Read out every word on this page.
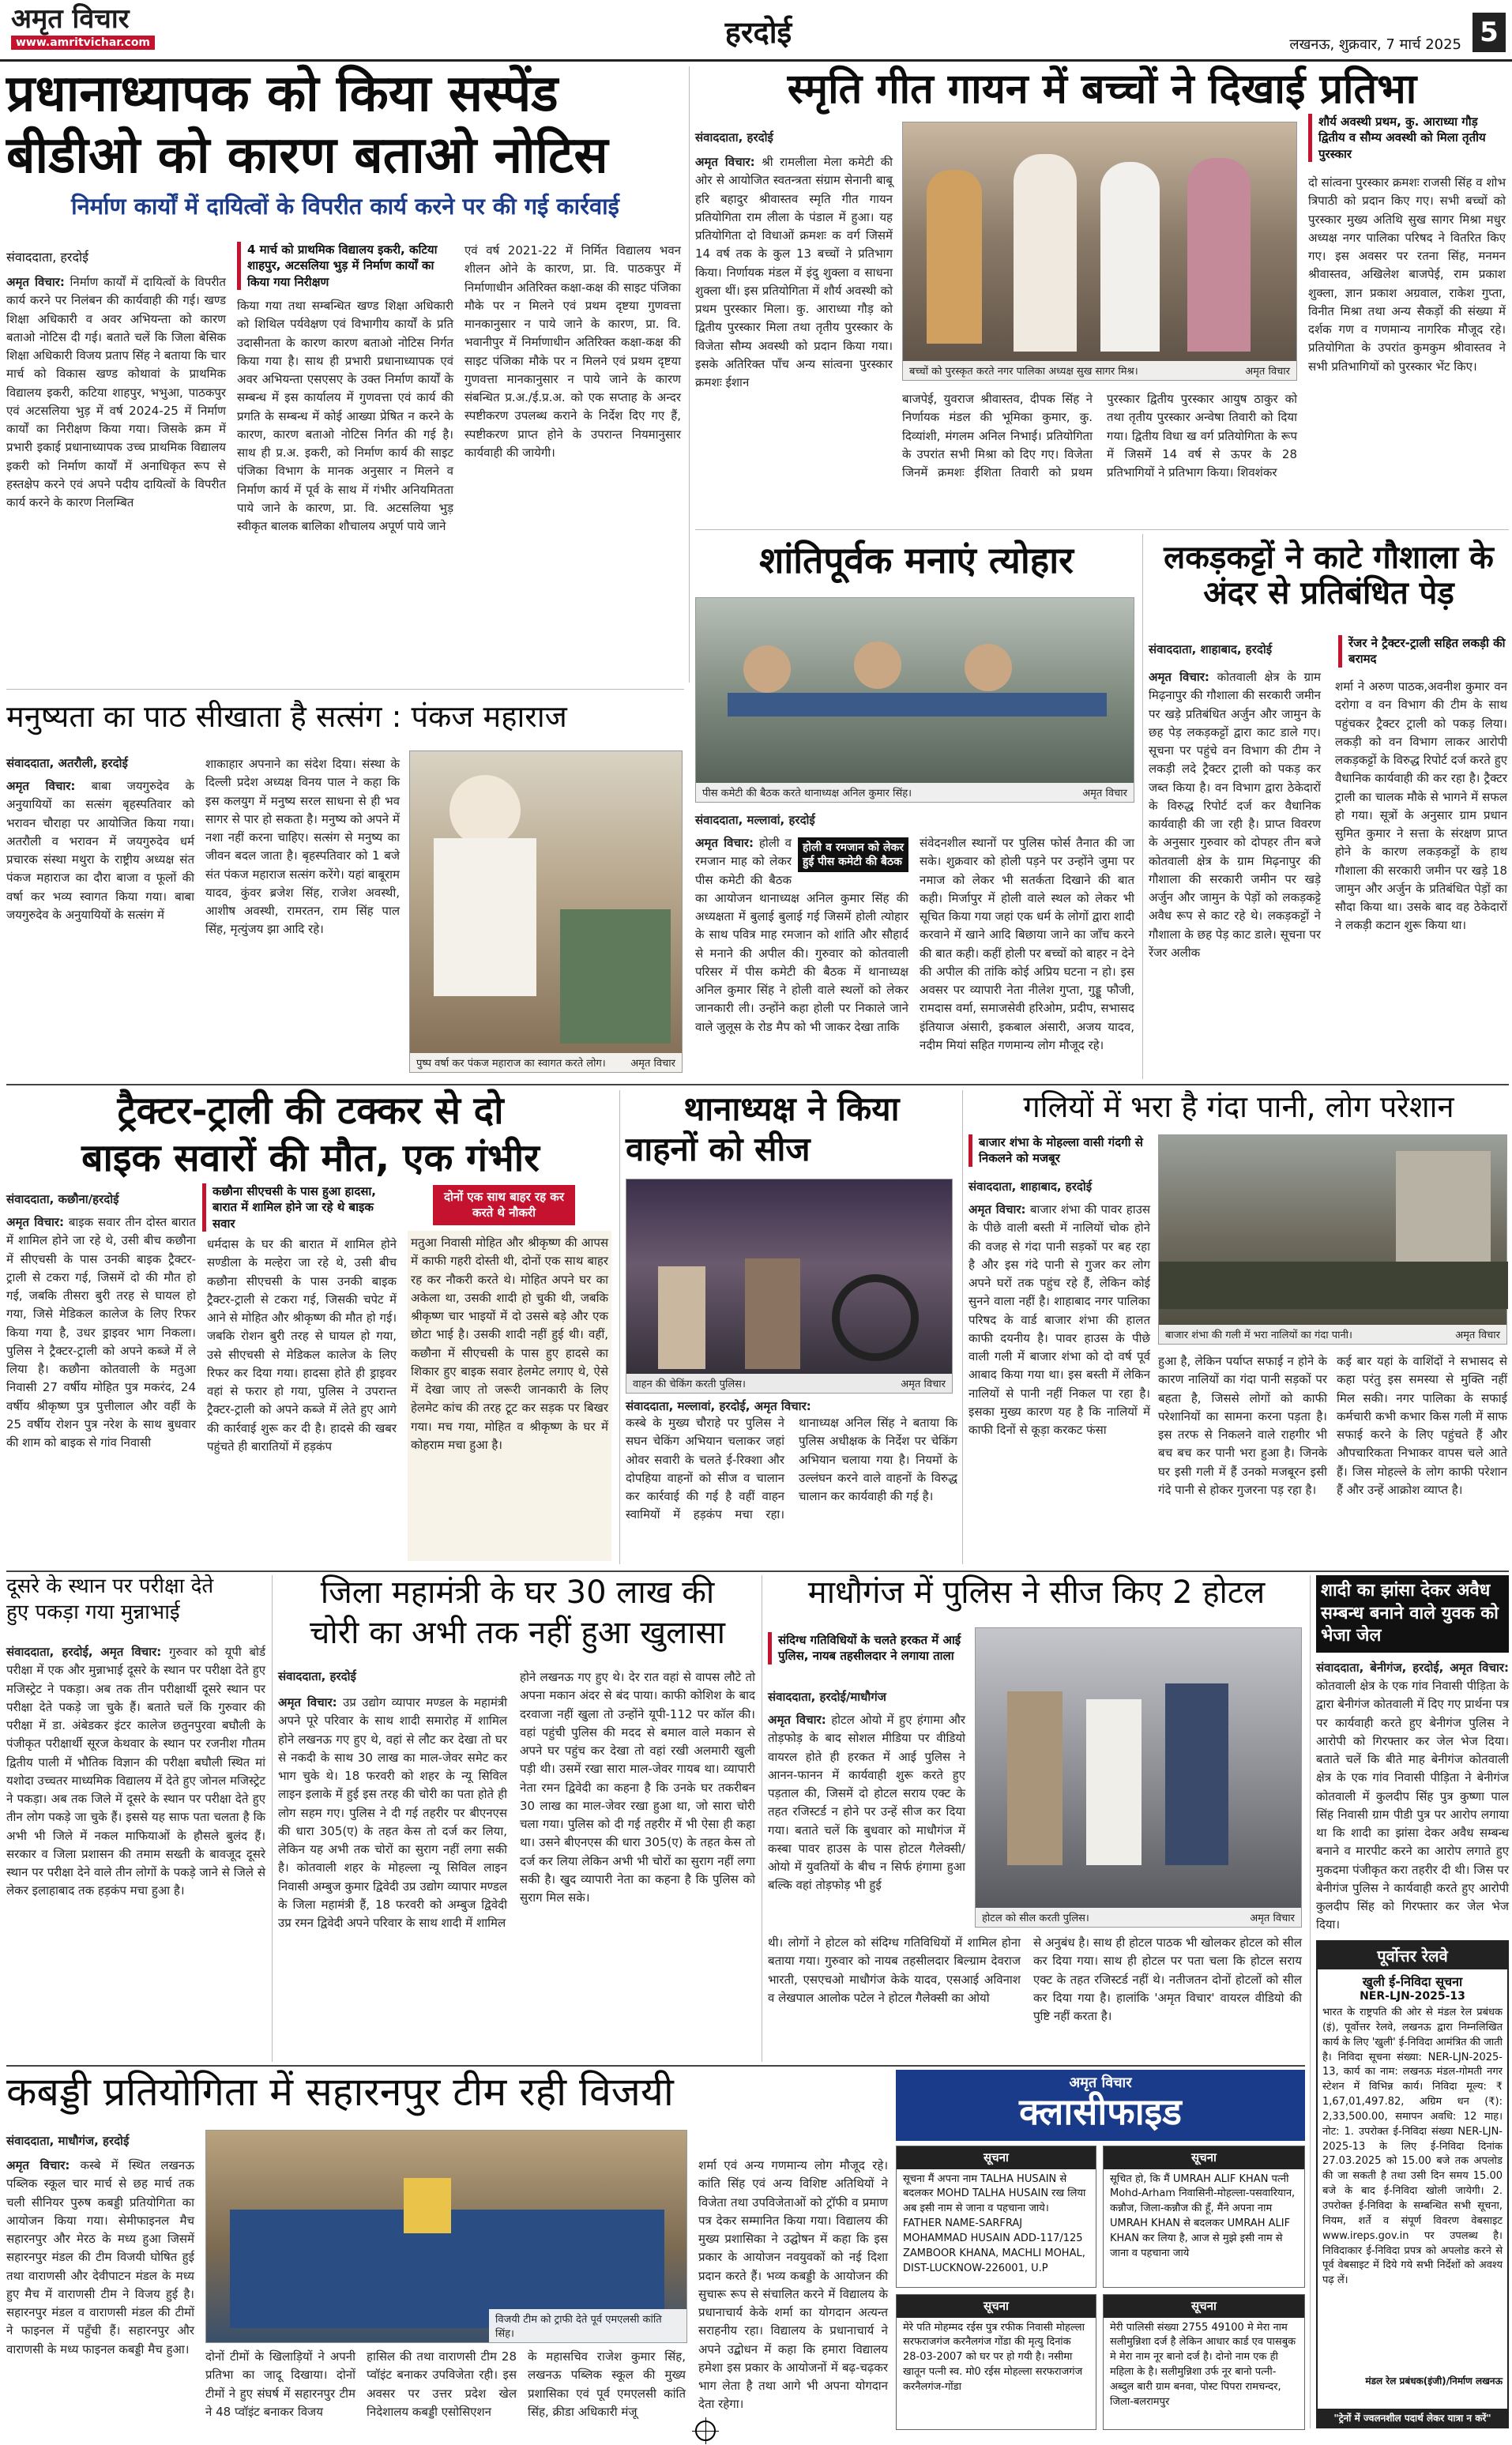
अमृत विचार
www.amritvichar.com	हरदोई	लखनऊ, शुक्रवार, 7 मार्च 2025 5
प्रधानाध्यापक को किया सस्पेंड
बीडीओ को कारण बताओ नोटिस
निर्माण कार्यों में दायित्वों के विपरीत कार्य करने पर की गई कार्रवाई
संवाददाता, हरदोई
अमृत विचार: निर्माण कार्यों में दायित्वों के विपरीत कार्य करने पर निलंबन की कार्यवाही की गई। खण्ड शिक्षा अधिकारी व अवर अभियन्ता को कारण बताओ नोटिस दी गई। बताते चलें कि जिला बेसिक शिक्षा अधिकारी विजय प्रताप सिंह ने बताया कि चार मार्च को विकास खण्ड कोथावां के प्राथमिक विद्यालय इकरी, कटिया शाहपुर, भभुआ, पाठकपुर एवं अटसलिया भुड़ में वर्ष 2024-25 में निर्माण कार्यों का निरीक्षण किया गया। जिसके क्रम में प्रभारी इकाई प्रधानाध्यापक उच्च प्राथमिक विद्यालय इकरी को निर्माण कार्यों में अनाधिकृत रूप से हस्तक्षेप करने एवं अपने पदीय दायित्वों के विपरीत कार्य करने के कारण निलम्बित
4 मार्च को प्राथमिक विद्यालय इकरी, कटिया शाहपुर, अटसलिया भुड़ में निर्माण कार्यों का किया गया निरीक्षण
किया गया तथा सम्बन्धित खण्ड शिक्षा अधिकारी को शिथिल पर्यवेक्षण एवं विभागीय कार्यों के प्रति उदासीनता के कारण कारण बताओ नोटिस निर्गत किया गया है। साथ ही प्रभारी प्रधानाध्यापक एवं अवर अभियन्ता एसएसए के उक्त निर्माण कार्यों के सम्बन्ध में इस कार्यालय में गुणवत्ता एवं कार्य की प्रगति के सम्बन्ध में कोई आख्या प्रेषित न करने के कारण, कारण बताओ नोटिस निर्गत की गई है। साथ ही प्र.अ. इकरी, को निर्माण कार्य की साइट पंजिका विभाग के मानक अनुसार न मिलने व निर्माण कार्य में पूर्व के साथ में गंभीर अनियमितता पाये जाने के कारण, प्रा. वि. अटसलिया भुड़ स्वीकृत बालक बालिका शौचालय अपूर्ण पाये जाने
एवं वर्ष 2021-22 में निर्मित विद्यालय भवन शीलन ओने के कारण, प्रा. वि. पाठकपुर में निर्माणाधीन अतिरिक्त कक्षा-कक्ष की साइट पंजिका मौके पर न मिलने एवं प्रथम दृष्टया गुणवत्ता मानकानुसार न पाये जाने के कारण, प्रा. वि. भवानीपुर में निर्माणाधीन अतिरिक्त कक्षा-कक्ष की साइट पंजिका मौके पर न मिलने एवं प्रथम दृष्टया गुणवत्ता मानकानुसार न पाये जाने के कारण संबन्धित प्र.अ./ई.प्र.अ. को एक सप्ताह के अन्दर स्पष्टीकरण उपलब्ध कराने के निर्देश दिए गए हैं, स्पष्टीकरण प्राप्त होने के उपरान्त नियमानुसार कार्यवाही की जायेगी।
स्मृति गीत गायन में बच्चों ने दिखाई प्रतिभा
संवाददाता, हरदोई
अमृत विचार: श्री रामलीला मेला कमेटी की ओर से आयोजित स्वतन्त्रता संग्राम सेनानी बाबू हरि बहादुर श्रीवास्तव स्मृति गीत गायन प्रतियोगिता राम लीला के पंडाल में हुआ। यह प्रतियोगिता दो विधाओं क्रमशः क वर्ग जिसमें 14 वर्ष तक के कुल 13 बच्चों ने प्रतिभाग किया। निर्णायक मंडल में इंदु शुक्ला व साधना शुक्ला थीं। इस प्रतियोगिता में शौर्य अवस्थी को प्रथम पुरस्कार मिला। कु. आराध्या गौड़ को द्वितीय पुरस्कार मिला तथा तृतीय पुरस्कार के विजेता सौम्य अवस्थी को प्रदान किया गया। इसके अतिरिक्त पाँच अन्य सांत्वना पुरस्कार क्रमशः ईशान
बच्चों को पुरस्कृत करते नगर पालिका अध्यक्ष सुख सागर मिश्र।	अमृत विचार
बाजपेई, युवराज श्रीवास्तव, दीपक सिंह ने निर्णायक मंडल की भूमिका कुमार, कु. दिव्यांशी, मंगलम अनिल निभाई। प्रतियोगिता के उपरांत सभी मिश्रा को दिए गए। विजेता जिनमें क्रमशः ईशिता तिवारी को प्रथम पुरस्कार द्वितीय पुरस्कार आयुष ठाकुर को तथा तृतीय पुरस्कार अन्वेषा तिवारी को दिया गया। द्वितीय विधा ख वर्ग प्रतियोगिता के रूप में जिसमें 14 वर्ष से ऊपर के 28 प्रतिभागियों ने प्रतिभाग किया। शिवशंकर
शौर्य अवस्थी प्रथम, कु. आराध्या गौड़ द्वितीय व सौम्य अवस्थी को मिला तृतीय पुरस्कार
दो सांत्वना पुरस्कार क्रमशः राजसी सिंह व शोभ त्रिपाठी को प्रदान किए गए। सभी बच्चों को पुरस्कार मुख्य अतिथि सुख सागर मिश्रा मधुर अध्यक्ष नगर पालिका परिषद ने वितरित किए गए। इस अवसर पर रतना सिंह, मनमन श्रीवास्तव, अखिलेश बाजपेई, राम प्रकाश शुक्ला, ज्ञान प्रकाश अग्रवाल, राकेश गुप्ता, विनीत मिश्रा तथा अन्य सैकड़ों की संख्या में दर्शक गण व गणमान्य नागरिक मौजूद रहे। प्रतियोगिता के उपरांत कुमकुम श्रीवास्तव ने सभी प्रतिभागियों को पुरस्कार भेंट किए।
शांतिपूर्वक मनाएं त्योहार
पीस कमेटी की बैठक करते थानाध्यक्ष अनिल कुमार सिंह।	अमृत विचार
संवाददाता, मल्लावां, हरदोई
होली व रमजान को लेकर हुई पीस कमेटी की बैठक
अमृत विचार: होली व रमजान माह को लेकर पीस कमेटी की बैठक का आयोजन थानाध्यक्ष अनिल कुमार सिंह की अध्यक्षता में बुलाई बुलाई गई जिसमें होली त्योहार के साथ पवित्र माह रमजान को शांति और सौहार्द से मनाने की अपील की। गुरुवार को कोतवाली परिसर में पीस कमेटी की बैठक में थानाध्यक्ष अनिल कुमार सिंह ने होली वाले स्थलों को लेकर जानकारी ली। उन्होंने कहा होली पर निकाले जाने वाले जुलूस के रोड मैप को भी जाकर देखा ताकि
संवेदनशील स्थानों पर पुलिस फोर्स तैनात की जा सके। शुक्रवार को होली पड़ने पर उन्होंने जुमा पर नमाज को लेकर भी सतर्कता दिखाने की बात कही। मिर्जापुर में होली वाले स्थल को लेकर भी सूचित किया गया जहां एक धर्म के लोगों द्वारा शादी करवाने में खाने आदि बिछाया जाने का जाँच करने की बात कही। कहीं होली पर बच्चों को बाहर न देने की अपील की तांकि कोई अप्रिय घटना न हो। इस अवसर पर व्यापारी नेता नीलेश गुप्ता, गुड्डू फौजी, रामदास वर्मा, समाजसेवी हरिओम, प्रदीप, सभासद इंतियाज अंसारी, इकबाल अंसारी, अजय यादव, नदीम मियां सहित गणमान्य लोग मौजूद रहे।
लकड़कट्टों ने काटे गौशाला के अंदर से प्रतिबंधित पेड़
संवाददाता, शाहाबाद, हरदोई	रेंजर ने ट्रैक्टर-ट्राली सहित लकड़ी की बरामद
अमृत विचार: कोतवाली क्षेत्र के ग्राम मिढ़नापुर की गौशाला की सरकारी जमीन पर खड़े प्रतिबंधित अर्जुन और जामुन के छह पेड़ लकड़कट्टों द्वारा काट डाले गए। सूचना पर पहुंचे वन विभाग की टीम ने लकड़ी लदे ट्रैक्टर ट्राली को पकड़ कर जब्त किया है। वन विभाग द्वारा ठेकेदारों के विरुद्ध रिपोर्ट दर्ज कर वैधानिक कार्यवाही की जा रही है। प्राप्त विवरण के अनुसार गुरुवार को दोपहर तीन बजे कोतवाली क्षेत्र के ग्राम मिढ़नापुर की गौशाला की सरकारी जमीन पर खड़े अर्जुन और जामुन के पेड़ों को लकड़कट्टे अवैध रूप से काट रहे थे। लकड़कट्टों ने गौशाला के छह पेड़ काट डाले। सूचना पर रेंजर अलीक
शर्मा ने अरुण पाठक,अवनीश कुमार वन दरोगा व वन विभाग की टीम के साथ पहुंचकर ट्रैक्टर ट्राली को पकड़ लिया। लकड़ी को वन विभाग लाकर आरोपी लकड़कट्टों के विरुद्ध रिपोर्ट दर्ज करते हुए वैधानिक कार्यवाही की कर रहा है। ट्रैक्टर ट्राली का चालक मौके से भागने में सफल हो गया। सूत्रों के अनुसार ग्राम प्रधान सुमित कुमार ने सत्ता के संरक्षण प्राप्त होने के कारण लकड़कट्टों के हाथ गौशाला की सरकारी जमीन पर खड़े 18 जामुन और अर्जुन के प्रतिबंधित पेड़ों का सौदा किया था। उसके बाद वह ठेकेदारों ने लकड़ी कटान शुरू किया था।
मनुष्यता का पाठ सीखाता है सत्संग : पंकज महाराज
संवाददाता, अतरौली, हरदोई
अमृत विचार: बाबा जयगुरुदेव के अनुयायियों का सत्संग बृहस्पतिवार को भरावन चौराहा पर आयोजित किया गया। अतरौली व भरावन में जयगुरुदेव धर्म प्रचारक संस्था मथुरा के राष्ट्रीय अध्यक्ष संत पंकज महाराज का दौरा बाजा व फूलों की वर्षा कर भव्य स्वागत किया गया। बाबा जयगुरुदेव के अनुयायियों के सत्संग में
शाकाहार अपनाने का संदेश दिया। संस्था के दिल्ली प्रदेश अध्यक्ष विनय पाल ने कहा कि इस कलयुग में मनुष्य सरल साधना से ही भव सागर से पार हो सकता है। मनुष्य को अपने में नशा नहीं करना चाहिए। सत्संग से मनुष्य का जीवन बदल जाता है। बृहस्पतिवार को 1 बजे संत पंकज महाराज सत्संग करेंगे। यहां बाबूराम यादव, कुंवर ब्रजेश सिंह, राजेश अवस्थी, आशीष अवस्थी, रामरतन, राम सिंह पाल सिंह, मृत्युंजय झा आदि रहे।
पुष्प वर्षा कर पंकज महाराज का स्वागत करते लोग। अमृत विचार
ट्रैक्टर-ट्राली की टक्कर से दो
बाइक सवारों की मौत, एक गंभीर
संवाददाता, कछौना/हरदोई
कछौना सीएचसी के पास हुआ हादसा, बारात में शामिल होने जा रहे थे बाइक सवार
दोनों एक साथ बाहर रह कर करते थे नौकरी
अमृत विचार: बाइक सवार तीन दोस्त बारात में शामिल होने जा रहे थे, उसी बीच कछौना में सीएचसी के पास उनकी बाइक ट्रैक्टर-ट्राली से टकरा गई, जिसमें दो की मौत हो गई, जबकि तीसरा बुरी तरह से घायल हो गया, जिसे मेडिकल कालेज के लिए रिफर किया गया है, उधर ड्राइवर भाग निकला। पुलिस ने ट्रैक्टर-ट्राली को अपने कब्जे में ले लिया है। कछौना कोतवाली के मतुआ निवासी 27 वर्षीय मोहित पुत्र मकरंद, 24 वर्षीय श्रीकृष्ण पुत्र पुत्तीलाल और वहीं के 25 वर्षीय रोशन पुत्र नरेश के साथ बुधवार की शाम को बाइक से गांव निवासी
धर्मदास के घर की बारात में शामिल होने सण्डीला के मल्हेरा जा रहे थे, उसी बीच कछौना सीएचसी के पास उनकी बाइक ट्रैक्टर-ट्राली से टकरा गई, जिसकी चपेट में आने से मोहित और श्रीकृष्ण की मौत हो गई। जबकि रोशन बुरी तरह से घायल हो गया, उसे सीएचसी से मेडिकल कालेज के लिए रिफर कर दिया गया। हादसा होते ही ड्राइवर वहां से फरार हो गया, पुलिस ने उपरान्त ट्रैक्टर-ट्राली को अपने कब्जे में लेते हुए आगे की कार्रवाई शुरू कर दी है। हादसे की खबर पहुंचते ही बारातियों में हड़कंप
मतुआ निवासी मोहित और श्रीकृष्ण की आपस में काफी गहरी दोस्ती थी, दोनों एक साथ बाहर रह कर नौकरी करते थे। मोहित अपने घर का अकेला था, उसकी शादी हो चुकी थी, जबकि श्रीकृष्ण चार भाइयों में दो उससे बड़े और एक छोटा भाई है। उसकी शादी नहीं हुई थी। वहीं, कछौना में सीएचसी के पास हुए हादसे का शिकार हुए बाइक सवार हेलमेट लगाए थे, ऐसे में देखा जाए तो जरूरी जानकारी के लिए हेलमेट कांच की तरह टूट कर सड़क पर बिखर गया। मच गया, मोहित व श्रीकृष्ण के घर में कोहराम मचा हुआ है।
थानाध्यक्ष ने किया
वाहनों को सीज
वाहन की चेकिंग करती पुलिस।	अमृत विचार
संवाददाता, मल्लावां, हरदोई, अमृत विचार:
कस्बे के मुख्य चौराहे पर पुलिस ने सघन चेकिंग अभियान चलाकर जहां ओवर सवारी के चलते ई-रिक्शा और दोपहिया वाहनों को सीज व चालान कर कार्रवाई की गई है वहीं वाहन स्वामियों में हड़कंप मचा रहा। थानाध्यक्ष अनिल सिंह ने बताया कि पुलिस अधीक्षक के निर्देश पर चेकिंग अभियान चलाया गया है। नियमों के उल्लंघन करने वाले वाहनों के विरुद्ध चालान कर कार्यवाही की गई है।
गलियों में भरा है गंदा पानी, लोग परेशान
बाजार शंभा के मोहल्ला वासी गंदगी से निकलने को मजबूर
संवाददाता, शाहाबाद, हरदोई
बाजार शंभा की गली में भरा नालियों का गंदा पानी।	अमृत विचार
अमृत विचार: बाजार शंभा की पावर हाउस के पीछे वाली बस्ती में नालियों चोक होने की वजह से गंदा पानी सड़कों पर बह रहा है और इस गंदे पानी से गुजर कर लोग अपने घरों तक पहुंच रहे हैं, लेकिन कोई सुनने वाला नहीं है। शाहाबाद नगर पालिका परिषद के वार्ड बाजार शंभा की हालत काफी दयनीय है। पावर हाउस के पीछे वाली गली में बाजार शंभा को दो वर्ष पूर्व आबाद किया गया था। इस बस्ती में लेकिन नालियों से पानी नहीं निकल पा रहा है। इसका मुख्य कारण यह है कि नालियों में काफी दिनों से कूड़ा करकट फंसा
हुआ है, लेकिन पर्याप्त सफाई न होने के कारण नालियों का गंदा पानी सड़कों पर बहता है, जिससे लोगों को काफी परेशानियों का सामना करना पड़ता है। इस तरफ से निकलने वाले राहगीर भी बच बच कर पानी भरा हुआ है। जिनके घर इसी गली में हैं उनको मजबूरन इसी गंदे पानी से होकर गुजरना पड़ रहा है।
कई बार यहां के वाशिंदों ने सभासद से कहा परंतु इस समस्या से मुक्ति नहीं मिल सकी। नगर पालिका के सफाई कर्मचारी कभी कभार किस गली में साफ सफाई करने के लिए पहुंचते हैं और औपचारिकता निभाकर वापस चले आते हैं। जिस मोहल्ले के लोग काफी परेशान हैं और उन्हें आक्रोश व्याप्त है।
दूसरे के स्थान पर परीक्षा देते
हुए पकड़ा गया मुन्नाभाई
संवाददाता, हरदोई, अमृत विचार: गुरुवार को यूपी बोर्ड परीक्षा में एक और मुन्नाभाई दूसरे के स्थान पर परीक्षा देते हुए मजिस्ट्रेट ने पकड़ा। अब तक तीन परीक्षार्थी दूसरे स्थान पर परीक्षा देते पकड़े जा चुके हैं। बताते चलें कि गुरुवार की परीक्षा में डा. अंबेडकर इंटर कालेज छतुनपुरवा बघौली के पंजीकृत परीक्षार्थी सूरज केथवार के स्थान पर रजनीश गौतम द्वितीय पाली में भौतिक विज्ञान की परीक्षा बघौली स्थित मां यशोदा उच्चतर माध्यमिक विद्यालय में देते हुए जोनल मजिस्ट्रेट ने पकड़ा। अब तक जिले में दूसरे के स्थान पर परीक्षा देते हुए तीन लोग पकड़े जा चुके हैं। इससे यह साफ पता चलता है कि अभी भी जिले में नकल माफियाओं के हौसले बुलंद हैं। सरकार व जिला प्रशासन की तमाम सख्ती के बावजूद दूसरे स्थान पर परीक्षा देने वाले तीन लोगों के पकड़े जाने से जिले से लेकर इलाहाबाद तक हड़कंप मचा हुआ है।
जिला महामंत्री के घर 30 लाख की
चोरी का अभी तक नहीं हुआ खुलासा
संवाददाता, हरदोई
अमृत विचार: उप्र उद्योग व्यापार मण्डल के महामंत्री अपने पूरे परिवार के साथ शादी समारोह में शामिल होने लखनऊ गए हुए थे, वहां से लौट कर देखा तो घर से नकदी के साथ 30 लाख का माल-जेवर समेट कर भाग चुके थे। 18 फरवरी को शहर के न्यू सिविल लाइन इलाके में हुई इस तरह की चोरी का पता होते ही लोग सहम गए। पुलिस ने दी गई तहरीर पर बीएनएस की धारा 305(ए) के तहत केस तो दर्ज कर लिया, लेकिन यह अभी तक चोरों का सुराग नहीं लगा सकी है। कोतवाली शहर के मोहल्ला न्यू सिविल लाइन निवासी अम्बुज कुमार द्विवेदी उप्र उद्योग व्यापार मण्डल के जिला महामंत्री हैं, 18 फरवरी को अम्बुज द्विवेदी उप्र रमन द्विवेदी अपने परिवार के साथ शादी में शामिल
होने लखनऊ गए हुए थे। देर रात वहां से वापस लौटे तो अपना मकान अंदर से बंद पाया। काफी कोशिश के बाद दरवाजा नहीं खुला तो उन्होंने यूपी-112 पर कॉल की। वहां पहुंची पुलिस की मदद से बमाल वाले मकान से अपने घर पहुंच कर देखा तो वहां रखी अलमारी खुली पड़ी थी। उसमें रखा सारा माल-जेवर गायब था। व्यापारी नेता रमन द्विवेदी का कहना है कि उनके घर तकरीबन 30 लाख का माल-जेवर रखा हुआ था, जो सारा चोरी चला गया। पुलिस को दी गई तहरीर में भी ऐसा ही कहा था। उसने बीएनएस की धारा 305(ए) के तहत केस तो दर्ज कर लिया लेकिन अभी भी चोरों का सुराग नहीं लगा सकी है। खुद व्यापारी नेता का कहना है कि पुलिस को सुराग मिल सके।
माधौगंज में पुलिस ने सीज किए 2 होटल
संदिग्ध गतिविधियों के चलते हरकत में आई पुलिस, नायब तहसीलदार ने लगाया ताला
संवाददाता, हरदोई/माधौगंज
अमृत विचार: होटल ओयो में हुए हंगामा और तोड़फोड़ के बाद सोशल मीडिया पर वीडियो वायरल होते ही हरकत में आई पुलिस ने आनन-फानन में कार्यवाही शुरू करते हुए पड़ताल की, जिसमें दो होटल सराय एक्ट के तहत रजिस्टर्ड न होने पर उन्हें सीज कर दिया गया। बताते चलें कि बुधवार को माधौगंज में कस्बा पावर हाउस के पास होटल गैलेक्सी/ओयो में युवतियों के बीच न सिर्फ हंगामा हुआ बल्कि वहां तोड़फोड़ भी हुई
होटल को सील करती पुलिस।	अमृत विचार
थी। लोगों ने होटल को संदिग्ध गतिविधियों में शामिल होना बताया गया। गुरुवार को नायब तहसीलदार बिल्ग्राम देवराज भारती, एसएचओ माधौगंज केके यादव, एसआई अविनाश व लेखपाल आलोक पटेल ने होटल गैलेक्सी का ओयो
से अनुबंध है। साथ ही होटल पाठक भी खोलकर होटल को सील कर दिया गया। साथ ही होटल पर पता चला कि होटल सराय एक्ट के तहत रजिस्टर्ड नहीं थे। नतीजतन दोनों होटलों को सील कर दिया गया है। हालांकि 'अमृत विचार' वायरल वीडियो की पुष्टि नहीं करता है।
शादी का झांसा देकर अवैध सम्बन्ध बनाने वाले युवक को भेजा जेल
संवाददाता, बेनीगंज, हरदोई, अमृत विचार: कोतवाली क्षेत्र के एक गांव निवासी पीड़िता के द्वारा बेनीगंज कोतवाली में दिए गए प्रार्थना पत्र पर कार्यवाही करते हुए बेनीगंज पुलिस ने आरोपी को गिरफ्तार कर जेल भेज दिया। बताते चलें कि बीते माह बेनीगंज कोतवाली क्षेत्र के एक गांव निवासी पीड़िता ने बेनीगंज कोतवाली में कुलदीप सिंह पुत्र कुष्णा पाल सिंह निवासी ग्राम पीडी पुत्र पर आरोप लगाया था कि शादी का झांसा देकर अवैध सम्बन्ध बनाने व मारपीट करने का आरोप लगाते हुए मुकदमा पंजीकृत करा तहरीर दी थी। जिस पर बेनीगंज पुलिस ने कार्यवाही करते हुए आरोपी कुलदीप सिंह को गिरफ्तार कर जेल भेज दिया।
पूर्वोत्तर रेलवे
खुली ई-निविदा सूचना
NER-LJN-2025-13
भारत के राष्ट्रपति की ओर से मंडल रेल प्रबंधक (इं), पूर्वोत्तर रेलवे, लखनऊ द्वारा निम्नलिखित कार्य के लिए 'खुली' ई-निविदा आमंत्रित की जाती है। निविदा सूचना संख्या: NER-LJN-2025-13, कार्य का नाम: लखनऊ मंडल-गोमती नगर स्टेशन में विभिन्न कार्य। निविदा मूल्य: ₹ 1,67,01,497.82, अग्रिम धन (₹): 2,33,500.00, समापन अवधि: 12 माह। नोट: 1. उपरोक्त ई-निविदा संख्या NER-LJN-2025-13 के लिए ई-निविदा दिनांक 27.03.2025 को 15.00 बजे तक अपलोड की जा सकती है तथा उसी दिन समय 15.00 बजे के बाद ई-निविदा खोली जायेगी। 2. उपरोक्त ई-निविदा के सम्बन्धित सभी सूचना, नियम, शर्ते व संपूर्ण विवरण वेबसाइट www.ireps.gov.in पर उपलब्ध है। निविदाकार ई-निविदा प्रपत्र को अपलोड करने से पूर्व वेबसाइट में दिये गये सभी निर्देशों को अवश्य पढ़ लें।
मंडल रेल प्रबंधक(इंजी)/निर्माण लखनऊ
"ट्रेनों में ज्वलनशील पदार्थ लेकर यात्रा न करें"
कबड्डी प्रतियोगिता में सहारनपुर टीम रही विजयी
संवाददाता, माधौगंज, हरदोई
अमृत विचार: कस्बे में स्थित लखनऊ पब्लिक स्कूल चार मार्च से छह मार्च तक चली सीनियर पुरुष कबड्डी प्रतियोगिता का आयोजन किया गया। सेमीफाइनल मैच सहारनपुर और मेरठ के मध्य हुआ जिसमें सहारनपुर मंडल की टीम विजयी घोषित हुई तथा वाराणसी और देवीपाटन मंडल के मध्य हुए मैच में वाराणसी टीम ने विजय हुई है। सहारनपुर मंडल व वाराणसी मंडल की टीमों ने फाइनल में पहुँची हैं। सहारनपुर और वाराणसी के मध्य फाइनल कबड्डी मैच हुआ।
विजयी टीम को ट्राफी देते पूर्व एमएलसी कांति सिंह।
दोनों टीमों के खिलाड़ियों ने अपनी प्रतिभा का जादू दिखाया। दोनों टीमों ने हुए संघर्ष में सहारनपुर टीम ने 48 प्वॉइंट बनाकर विजय
हासिल की तथा वाराणसी टीम 28 प्वॉइंट बनाकर उपविजेता रही। इस अवसर पर उत्तर प्रदेश खेल निदेशालय कबड्डी एसोसिएशन
के महासचिव राजेश कुमार सिंह, लखनऊ पब्लिक स्कूल की मुख्य प्रशासिका एवं पूर्व एमएलसी कांति सिंह, क्रीडा अधिकारी मंजू
शर्मा एवं अन्य गणमान्य लोग मौजूद रहे। कांति सिंह एवं अन्य विशिष्ट अतिथियों ने विजेता तथा उपविजेताओं को ट्रॉफी व प्रमाण पत्र देकर सम्मानित किया गया। विद्यालय की मुख्य प्रशासिका ने उद्घोषन में कहा कि इस प्रकार के आयोजन नवयुवकों को नई दिशा प्रदान करते हैं। भव्य कबड्डी के आयोजन की सुचारू रूप से संचालित करने में विद्यालय के प्रधानाचार्य केके शर्मा का योगदान अत्यन्त सराहनीय रहा। विद्यालय के प्रधानाचार्य ने अपने उद्बोधन में कहा कि हमारा विद्यालय हमेशा इस प्रकार के आयोजनों में बढ़-चढ़कर भाग लेता है तथा आगे भी अपना योगदान देता रहेगा।
अमृत विचार
क्लासीफाइड
सूचना
सूचना मैं अपना नाम TALHA HUSAIN से बदलकर MOHD TALHA HUSAIN रख लिया अब इसी नाम से जाना व पहचाना जाये। FATHER NAME-SARFRAJ MOHAMMAD HUSAIN ADD-117/125 ZAMBOOR KHANA, MACHLI MOHAL, DIST-LUCKNOW-226001, U.P
सूचना
सूचित हो, कि मैं UMRAH ALIF KHAN पत्नी Mohd-Arham निवासिनी-मोहल्ला-पसवारियान, कन्नौज, जिला-कन्नौज की हूँ, मैंने अपना नाम UMRAH KHAN से बदलकर UMRAH ALIF KHAN कर लिया है, आज से मुझे इसी नाम से जाना व पहचाना जाये
सूचना
मेरे पति मोहम्मद रईस पुत्र रफीक निवासी मोहल्ला सरफराजगंज करनैलगंज गोंडा की मृत्यु दिनांक 28-03-2007 को घर पर हो गयी है। नसीमा खातून पत्नी स्व. मो0 रईस मोहल्ला सरफराजगंज करनैलगंज-गोंडा
सूचना
मेरी पालिसी संख्या 2755 49100 मे मेरा नाम सलीमुन्निशा दर्ज है लेकिन आधार कार्ड एव पासबुक मे मेरा नाम नूर बानो दर्ज है। दोनो नाम एक ही महिला के है। सलीमुन्निशा उर्फ नूर बानो पत्नी-अब्दुल बारी ग्राम बनवा, पोस्ट पिपरा रामचन्दर, जिला-बलरामपुर
